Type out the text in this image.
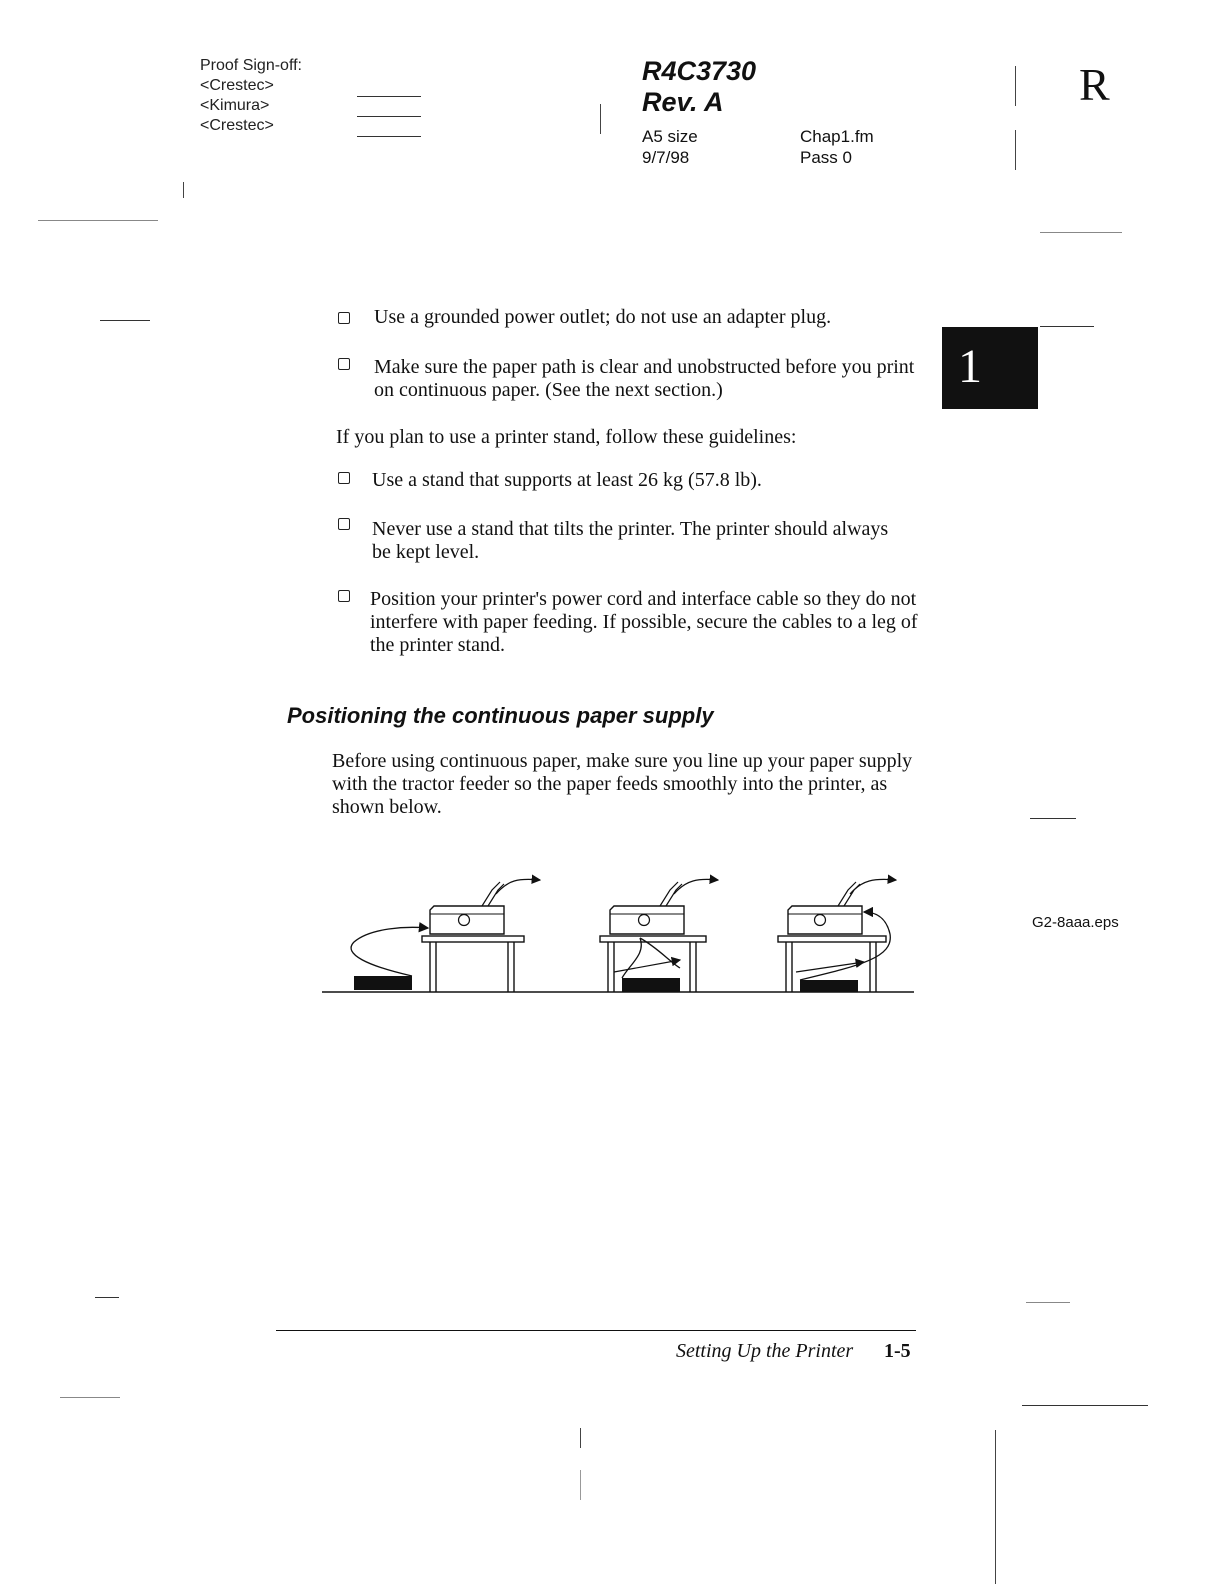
Proof Sign-off:
<Crestec>
<Kimura>
<Crestec>
R4C3730
Rev. A
A5 size
9/7/98
Chap1.fm
Pass 0
R
1
Use a grounded power outlet; do not use an adapter plug.
Make sure the paper path is clear and unobstructed before you print on continuous paper. (See the next section.)
If you plan to use a printer stand, follow these guidelines:
Use a stand that supports at least 26 kg (57.8 lb).
Never use a stand that tilts the printer. The printer should always be kept level.
Position your printer's power cord and interface cable so they do not interfere with paper feeding. If possible, secure the cables to a leg of the printer stand.
Positioning the continuous paper supply
Before using continuous paper, make sure you line up your paper supply with the tractor feeder so the paper feeds smoothly into the printer, as shown below.
G2-8aaa.eps
Setting Up the Printer 1-5
